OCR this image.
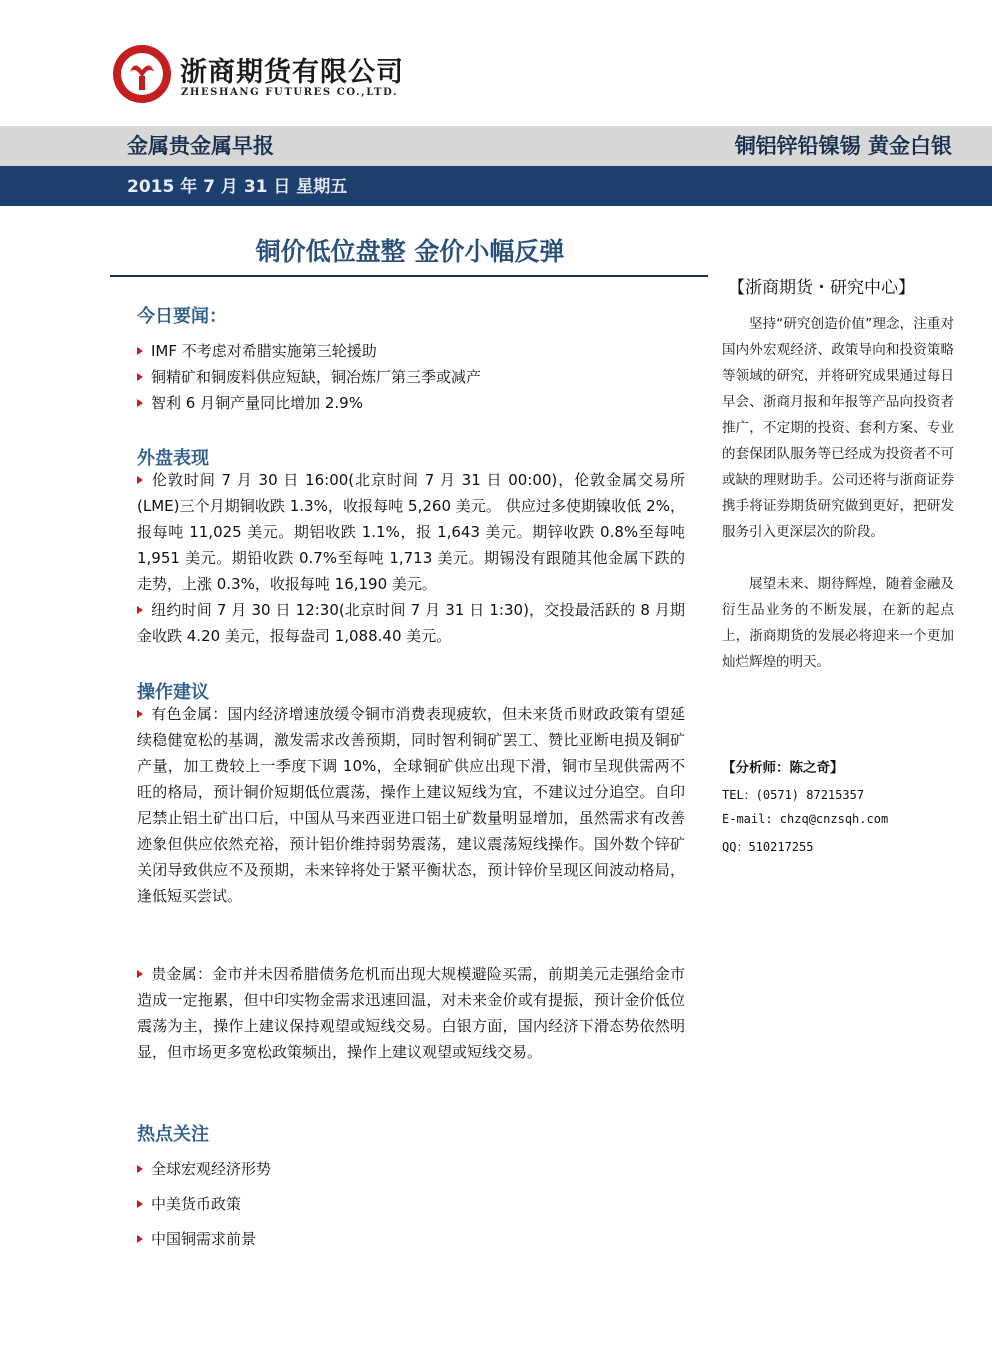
浙商期货有限公司
ZHESHANG FUTURES CO.,LTD.
金属贵金属早报	铜铝锌铅镍锡 黄金白银
2015 年 7 月 31 日 星期五
铜价低位盘整 金价小幅反弹
今日要闻：
IMF 不考虑对希腊实施第三轮援助
铜精矿和铜废料供应短缺，铜冶炼厂第三季或减产
智利 6 月铜产量同比增加 2.9%
外盘表现
伦敦时间 7 月 30 日 16:00(北京时间 7 月 31 日 00:00)，伦敦金属交易所(LME)三个月期铜收跌 1.3%，收报每吨 5,260 美元。 供应过多使期镍收低 2%，报每吨 11,025 美元。期铝收跌 1.1%，报 1,643 美元。期锌收跌 0.8%至每吨 1,951 美元。期铅收跌 0.7%至每吨 1,713 美元。期锡没有跟随其他金属下跌的走势，上涨 0.3%，收报每吨 16,190 美元。
纽约时间 7 月 30 日 12:30(北京时间 7 月 31 日 1:30)，交投最活跃的 8 月期金收跌 4.20 美元，报每盎司 1,088.40 美元。
操作建议
有色金属：国内经济增速放缓令铜市消费表现疲软，但未来货币财政政策有望延续稳健宽松的基调，激发需求改善预期，同时智利铜矿罢工、赞比亚断电损及铜矿产量，加工费较上一季度下调 10%，全球铜矿供应出现下滑，铜市呈现供需两不旺的格局，预计铜价短期低位震荡，操作上建议短线为宜，不建议过分追空。自印尼禁止铝土矿出口后，中国从马来西亚进口铝土矿数量明显增加，虽然需求有改善迹象但供应依然充裕，预计铝价维持弱势震荡，建议震荡短线操作。国外数个锌矿关闭导致供应不及预期，未来锌将处于紧平衡状态，预计锌价呈现区间波动格局，逢低短买尝试。
贵金属：金市并未因希腊债务危机而出现大规模避险买需，前期美元走强给金市造成一定拖累，但中印实物金需求迅速回温，对未来金价或有提振，预计金价低位震荡为主，操作上建议保持观望或短线交易。白银方面，国内经济下滑态势依然明显，但市场更多宽松政策频出，操作上建议观望或短线交易。
热点关注
全球宏观经济形势
中美货币政策
中国铜需求前景
【浙商期货・研究中心】
坚持“研究创造价值”理念，注重对国内外宏观经济、政策导向和投资策略等领域的研究，并将研究成果通过每日早会、浙商月报和年报等产品向投资者推广，不定期的投资、套利方案、专业的套保团队服务等已经成为投资者不可或缺的理财助手。公司还将与浙商证券携手将证券期货研究做到更好，把研发服务引入更深层次的阶段。
展望未来、期待辉煌，随着金融及衍生品业务的不断发展，在新的起点上，浙商期货的发展必将迎来一个更加灿烂辉煌的明天。
【分析师：陈之奇】
TEL：(0571) 87215357
E-mail: chzq@cnzsqh.com
QQ：510217255
